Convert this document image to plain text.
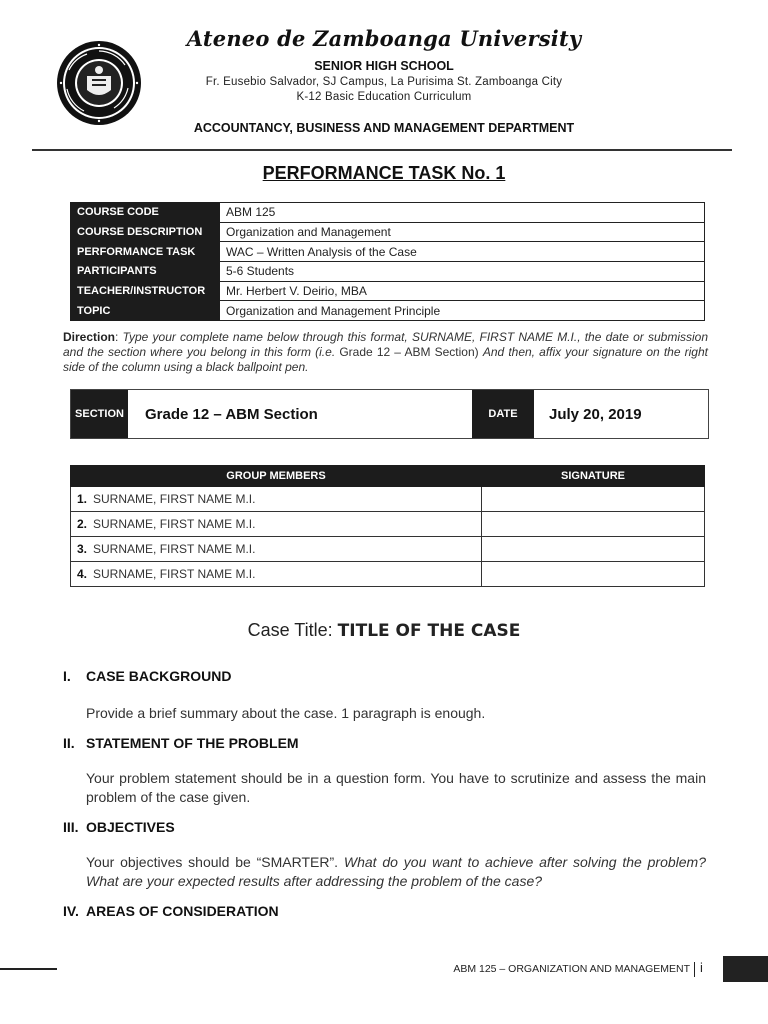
Ateneo de Zamboanga University
SENIOR HIGH SCHOOL
Fr. Eusebio Salvador, SJ Campus, La Purisima St. Zamboanga City
K-12 Basic Education Curriculum
ACCOUNTANCY, BUSINESS AND MANAGEMENT DEPARTMENT
PERFORMANCE TASK No. 1
COURSE CODE	ABM 125
COURSE DESCRIPTION	Organization and Management
PERFORMANCE TASK	WAC – Written Analysis of the Case
PARTICIPANTS	5-6 Students
TEACHER/INSTRUCTOR	Mr. Herbert V. Deirio, MBA
TOPIC	Organization and Management Principle
Direction: Type your complete name below through this format, SURNAME, FIRST NAME M.I., the date or submission and the section where you belong in this form (i.e. Grade 12 – ABM Section) And then, affix your signature on the right side of the column using a black ballpoint pen.
SECTION	Grade 12 – ABM Section	DATE	July 20, 2019
GROUP MEMBERS	SIGNATURE
1. SURNAME, FIRST NAME M.I.	
2. SURNAME, FIRST NAME M.I.	
3. SURNAME, FIRST NAME M.I.	
4. SURNAME, FIRST NAME M.I.	
Case Title: TITLE OF THE CASE
I. CASE BACKGROUND
Provide a brief summary about the case. 1 paragraph is enough.
II. STATEMENT OF THE PROBLEM
Your problem statement should be in a question form. You have to scrutinize and assess the main problem of the case given.
III. OBJECTIVES
Your objectives should be “SMARTER”. What do you want to achieve after solving the problem? What are your expected results after addressing the problem of the case?
IV. AREAS OF CONSIDERATION
ABM 125 – ORGANIZATION AND MANAGEMENT i
